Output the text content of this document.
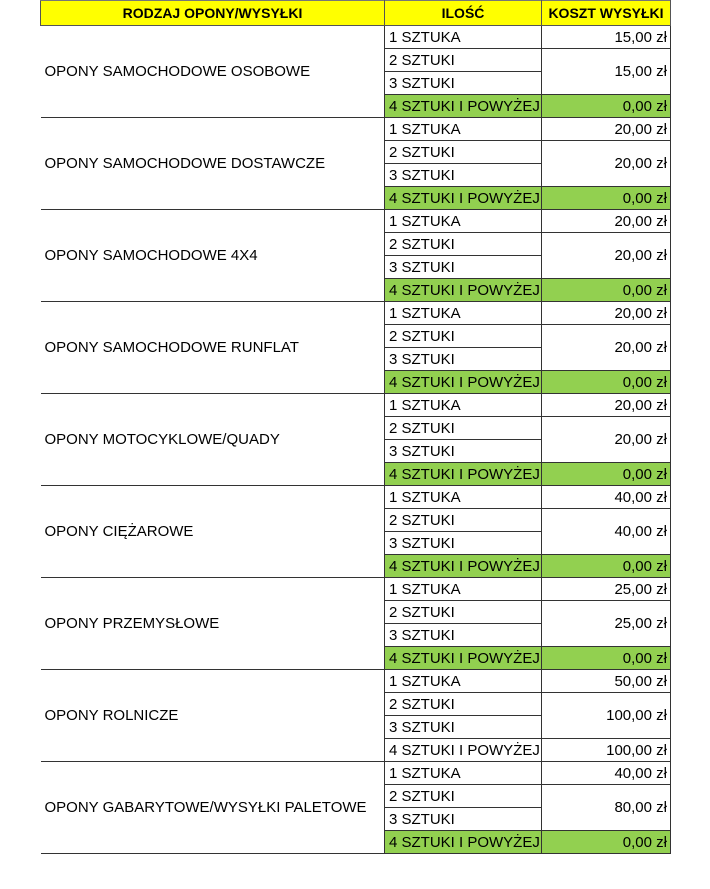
RODZAJ OPONY/WYSYŁKI	ILOŚĆ	KOSZT WYSYŁKI
OPONY SAMOCHODOWE OSOBOWE	1 SZTUKA	15,00 zł
	2 SZTUKI	15,00 zł
	3 SZTUKI	
	4 SZTUKI I POWYŻEJ	0,00 zł
OPONY SAMOCHODOWE DOSTAWCZE	1 SZTUKA	20,00 zł
	2 SZTUKI	20,00 zł
	3 SZTUKI	
	4 SZTUKI I POWYŻEJ	0,00 zł
OPONY SAMOCHODOWE 4X4	1 SZTUKA	20,00 zł
	2 SZTUKI	20,00 zł
	3 SZTUKI	
	4 SZTUKI I POWYŻEJ	0,00 zł
OPONY SAMOCHODOWE RUNFLAT	1 SZTUKA	20,00 zł
	2 SZTUKI	20,00 zł
	3 SZTUKI	
	4 SZTUKI I POWYŻEJ	0,00 zł
OPONY MOTOCYKLOWE/QUADY	1 SZTUKA	20,00 zł
	2 SZTUKI	20,00 zł
	3 SZTUKI	
	4 SZTUKI I POWYŻEJ	0,00 zł
OPONY CIĘŻAROWE	1 SZTUKA	40,00 zł
	2 SZTUKI	40,00 zł
	3 SZTUKI	
	4 SZTUKI I POWYŻEJ	0,00 zł
OPONY PRZEMYSŁOWE	1 SZTUKA	25,00 zł
	2 SZTUKI	25,00 zł
	3 SZTUKI	
	4 SZTUKI I POWYŻEJ	0,00 zł
OPONY ROLNICZE	1 SZTUKA	50,00 zł
	2 SZTUKI	100,00 zł
	3 SZTUKI	
	4 SZTUKI I POWYŻEJ	100,00 zł
OPONY GABARYTOWE/WYSYŁKI PALETOWE	1 SZTUKA	40,00 zł
	2 SZTUKI	80,00 zł
	3 SZTUKI	
	4 SZTUKI I POWYŻEJ	0,00 zł
